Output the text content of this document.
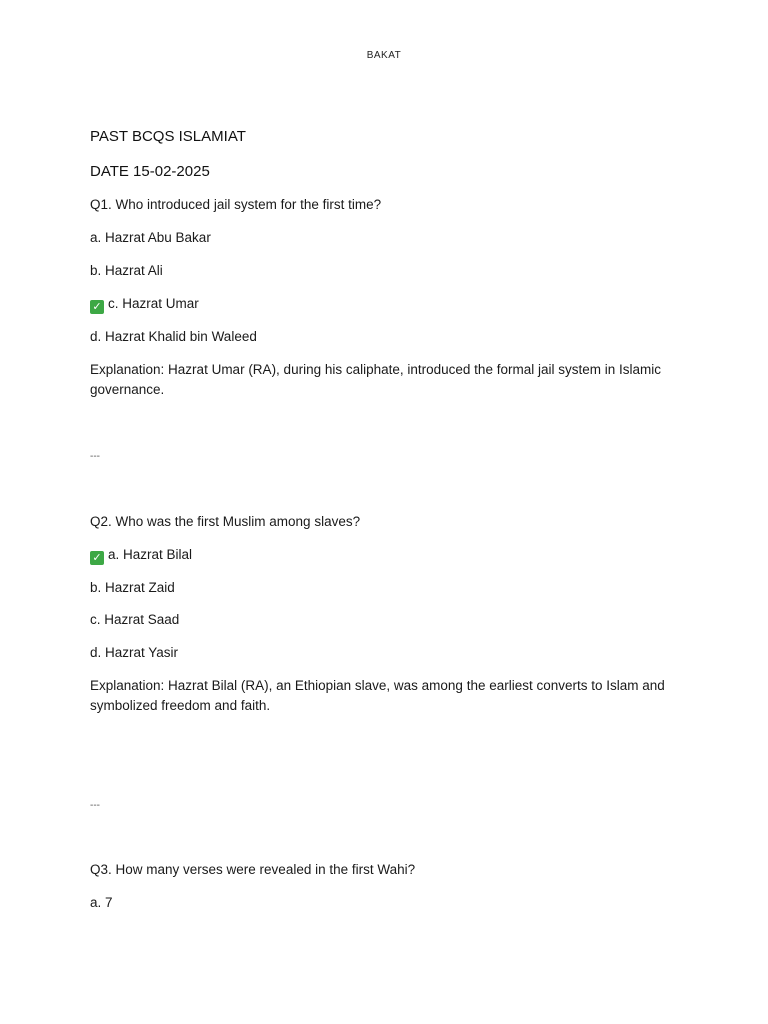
BAKAT
PAST BCQS ISLAMIAT
DATE 15-02-2025
Q1. Who introduced jail system for the first time?
a. Hazrat Abu Bakar
b. Hazrat Ali
✓ c. Hazrat Umar
d. Hazrat Khalid bin Waleed
Explanation: Hazrat Umar (RA), during his caliphate, introduced the formal jail system in Islamic governance.
---
Q2. Who was the first Muslim among slaves?
✓ a. Hazrat Bilal
b. Hazrat Zaid
c. Hazrat Saad
d. Hazrat Yasir
Explanation: Hazrat Bilal (RA), an Ethiopian slave, was among the earliest converts to Islam and symbolized freedom and faith.
---
Q3. How many verses were revealed in the first Wahi?
a. 7
